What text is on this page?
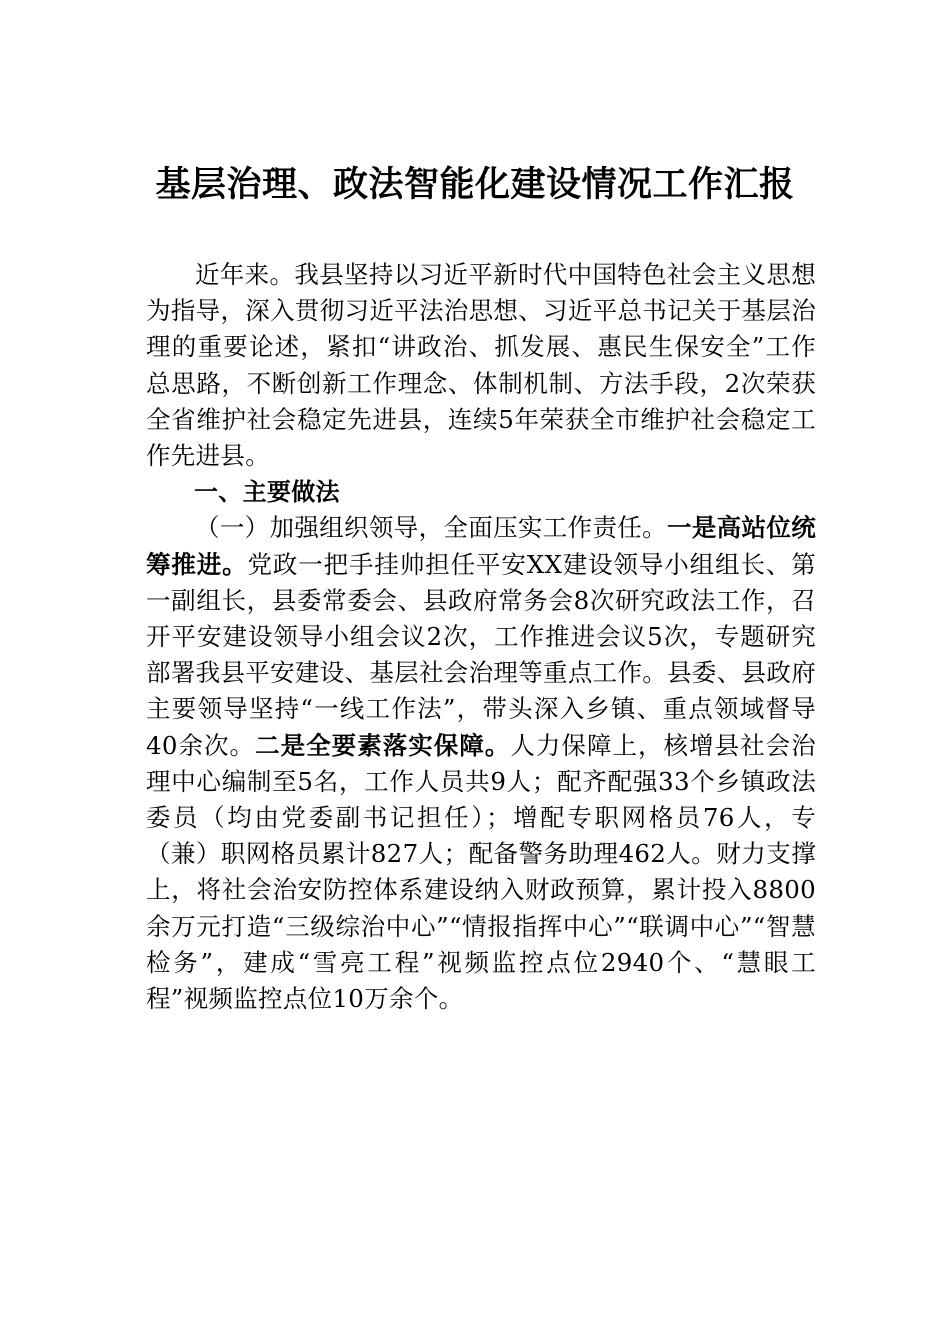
基层治理、政法智能化建设情况工作汇报

近年来。我县坚持以习近平新时代中国特色社会主义思想为指导，深入贯彻习近平法治思想、习近平总书记关于基层治理的重要论述，紧扣“讲政治、抓发展、惠民生保安全”工作总思路，不断创新工作理念、体制机制、方法手段，2次荣获全省维护社会稳定先进县，连续5年荣获全市维护社会稳定工作先进县。

一、主要做法

（一）加强组织领导，全面压实工作责任。一是高站位统筹推进。党政一把手挂帅担任平安XX建设领导小组组长、第一副组长，县委常委会、县政府常务会8次研究政法工作，召开平安建设领导小组会议2次，工作推进会议5次，专题研究部署我县平安建设、基层社会治理等重点工作。县委、县政府主要领导坚持“一线工作法”，带头深入乡镇、重点领域督导40余次。二是全要素落实保障。人力保障上，核增县社会治理中心编制至5名，工作人员共9人；配齐配强33个乡镇政法委员（均由党委副书记担任）；增配专职网格员76人，专（兼）职网格员累计827人；配备警务助理462人。财力支撑上，将社会治安防控体系建设纳入财政预算，累计投入8800余万元打造“三级综治中心”“情报指挥中心”“联调中心”“智慧检务”，建成“雪亮工程”视频监控点位2940个、“慧眼工程”视频监控点位10万余个。
